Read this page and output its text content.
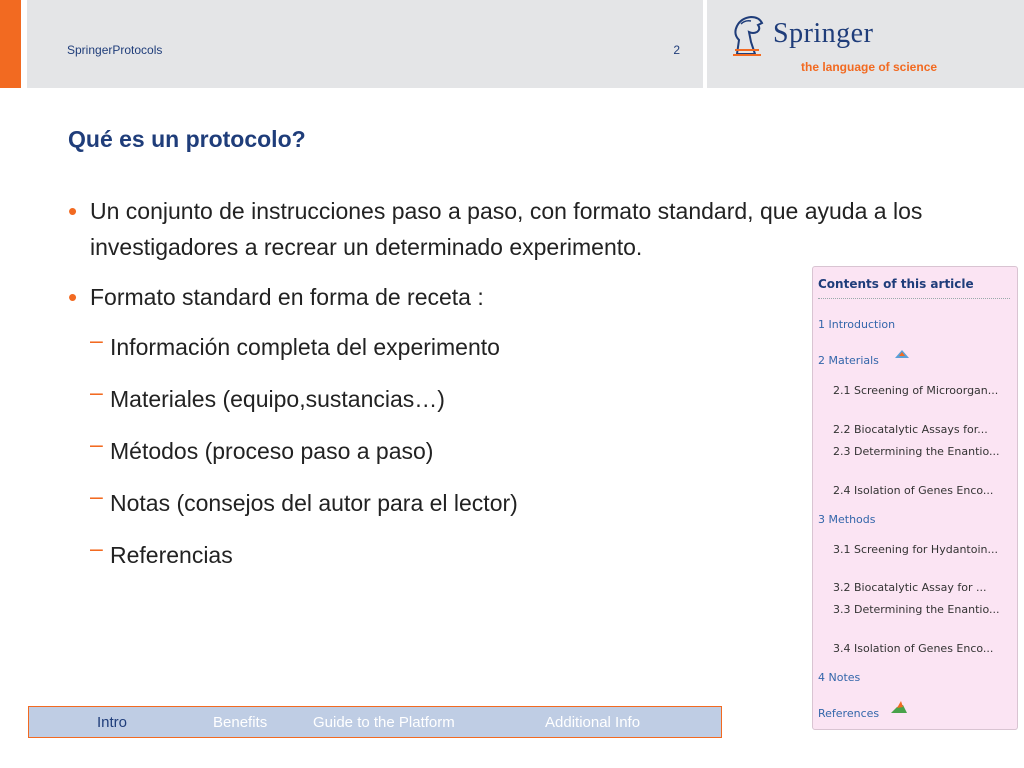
SpringerProtocols	2
Springer
the language of science
Qué es un protocolo?
• Un conjunto de instrucciones paso a paso, con formato standard, que ayuda a los investigadores a recrear un determinado experimento.
• Formato standard en forma de receta :
– Información completa del experimento
– Materiales (equipo,sustancias…)
– Métodos (proceso paso a paso)
– Notas (consejos del autor para el lector)
– Referencias
Contents of this article
1 Introduction
2 Materials
2.1 Screening of Microorgan...
2.2 Biocatalytic Assays for...
2.3 Determining the Enantio...
2.4 Isolation of Genes Enco...
3 Methods
3.1 Screening for Hydantoin...
3.2 Biocatalytic Assay for ...
3.3 Determining the Enantio...
3.4 Isolation of Genes Enco...
4 Notes
References
Intro	Benefits	Guide to the Platform	Additional Info
